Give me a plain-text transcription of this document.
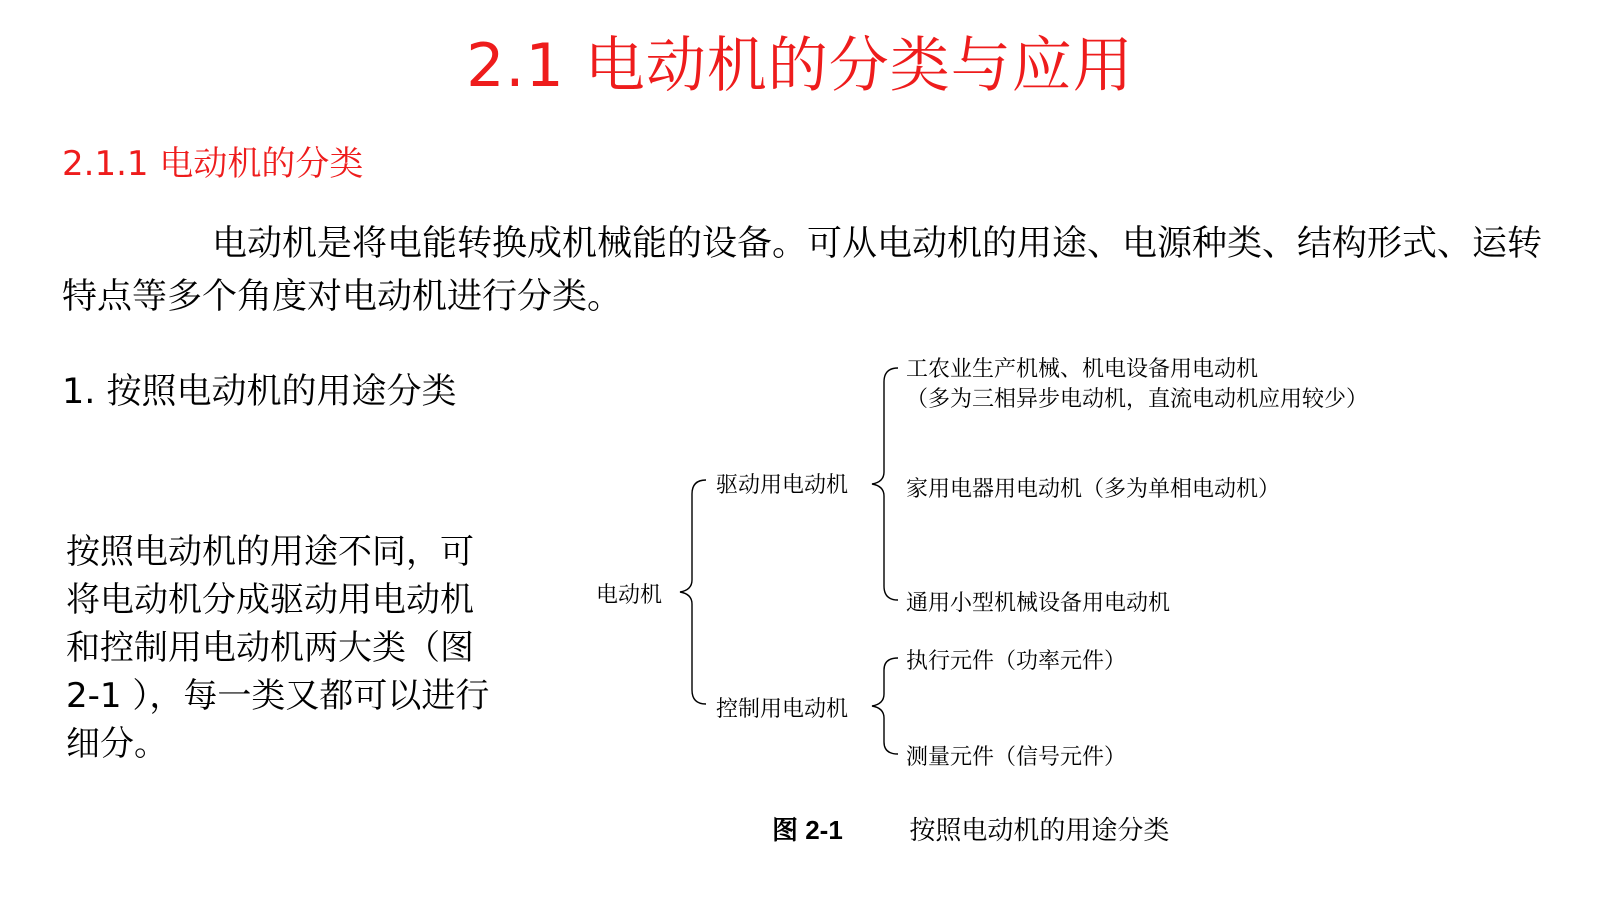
2.1 电动机的分类与应用
2.1.1 电动机的分类
电动机是将电能转换成机械能的设备。可从电动机的用途、电源种类、结构形式、运转特点等多个角度对电动机进行分类。
1. 按照电动机的用途分类
按照电动机的用途不同，可将电动机分成驱动用电动机和控制用电动机两大类（图 2-1 ），每一类又都可以进行细分。
电动机
驱动用电动机
控制用电动机
工农业生产机械、机电设备用电动机
（多为三相异步电动机，直流电动机应用较少）
家用电器用电动机（多为单相电动机）
通用小型机械设备用电动机
执行元件（功率元件）
测量元件（信号元件）
图 2-1	按照电动机的用途分类
